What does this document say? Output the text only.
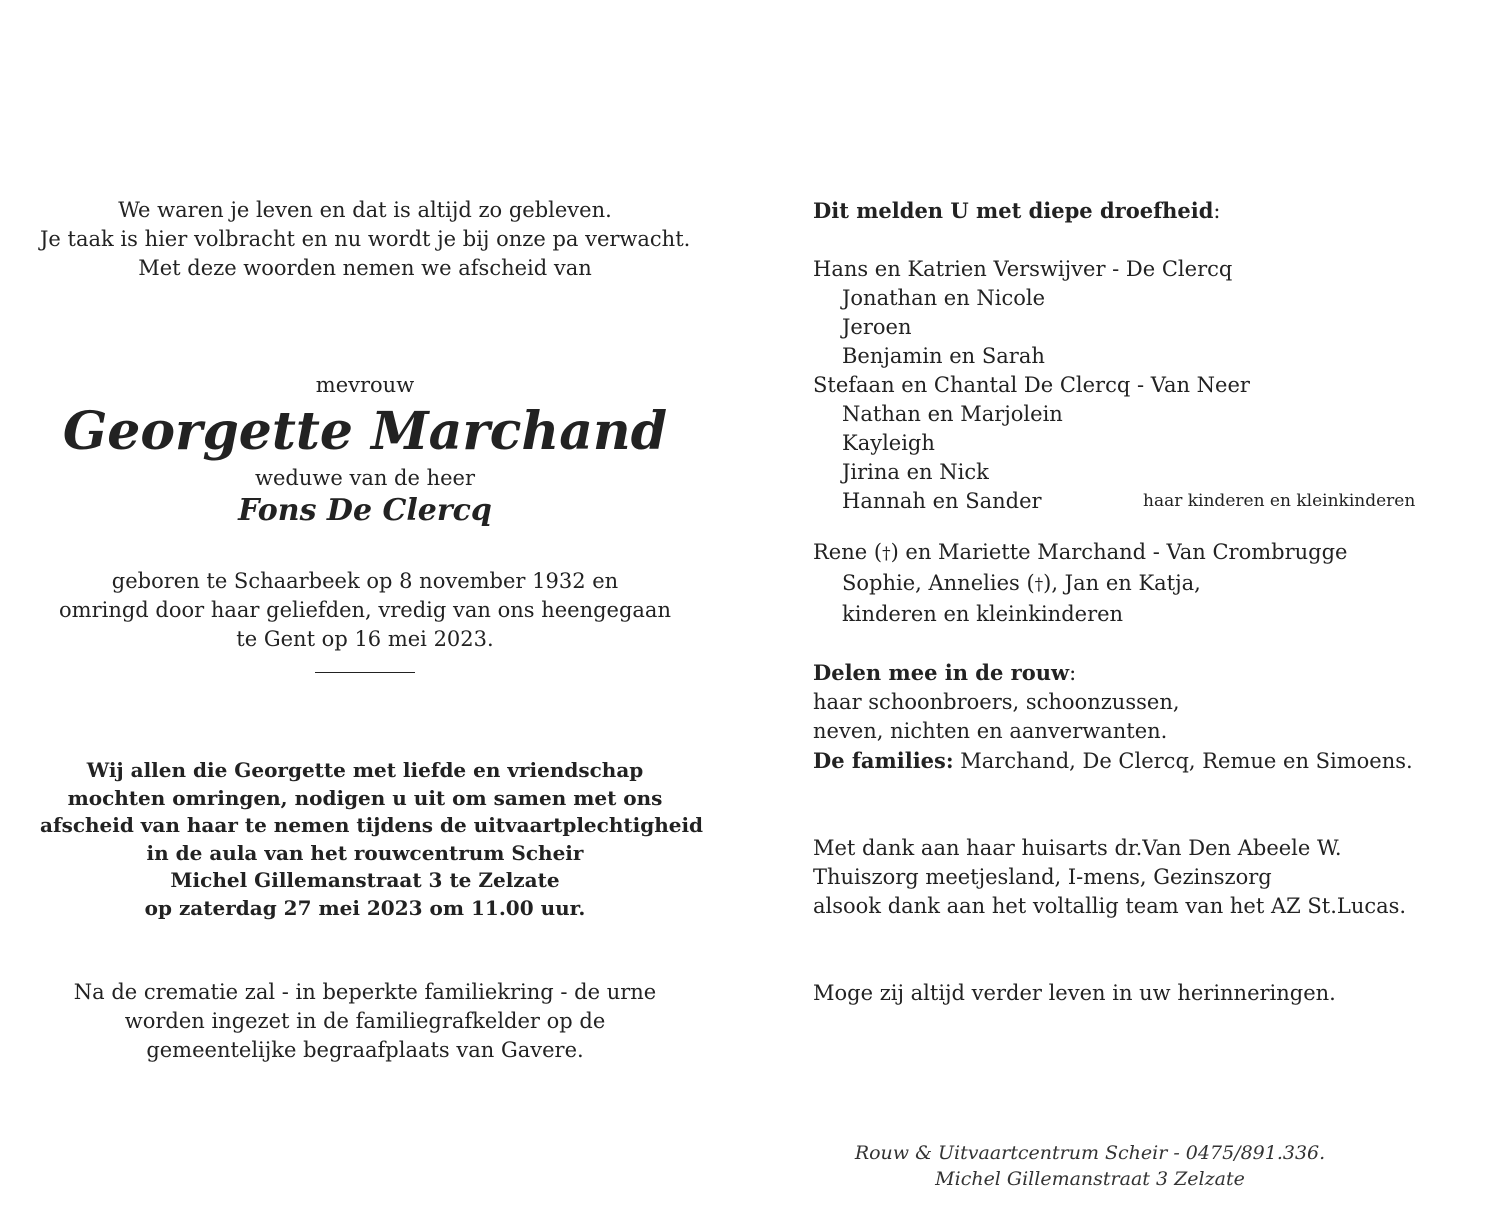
We waren je leven en dat is altijd zo gebleven.
Je taak is hier volbracht en nu wordt je bij onze pa verwacht.
Met deze woorden nemen we afscheid van
mevrouw
Georgette Marchand
weduwe van de heer
Fons De Clercq
geboren te Schaarbeek op 8 november 1932 en
omringd door haar geliefden, vredig van ons heengegaan
te Gent op 16 mei 2023.
Wij allen die Georgette met liefde en vriendschap
mochten omringen, nodigen u uit om samen met ons
afscheid van haar te nemen tijdens de uitvaartplechtigheid
in de aula van het rouwcentrum Scheir
Michel Gillemanstraat 3 te Zelzate
op zaterdag 27 mei 2023 om 11.00 uur.
Na de crematie zal - in beperkte familiekring - de urne
worden ingezet in de familiegrafkelder op de
gemeentelijke begraafplaats van Gavere.
Dit melden U met diepe droefheid:
Hans en Katrien Verswijver - De Clercq
Jonathan en Nicole
Jeroen
Benjamin en Sarah
Stefaan en Chantal De Clercq - Van Neer
Nathan en Marjolein
Kayleigh
Jirina en Nick
Hannah en Sander	haar kinderen en kleinkinderen
Rene (†) en Mariette Marchand - Van Crombrugge
Sophie, Annelies (†), Jan en Katja,
kinderen en kleinkinderen
Delen mee in de rouw:
haar schoonbroers, schoonzussen,
neven, nichten en aanverwanten.
De families: Marchand, De Clercq, Remue en Simoens.
Met dank aan haar huisarts dr.Van Den Abeele W.
Thuiszorg meetjesland, I-mens, Gezinszorg
alsook dank aan het voltallig team van het AZ St.Lucas.
Moge zij altijd verder leven in uw herinneringen.
Rouw & Uitvaartcentrum Scheir - 0475/891.336.
Michel Gillemanstraat 3 Zelzate
